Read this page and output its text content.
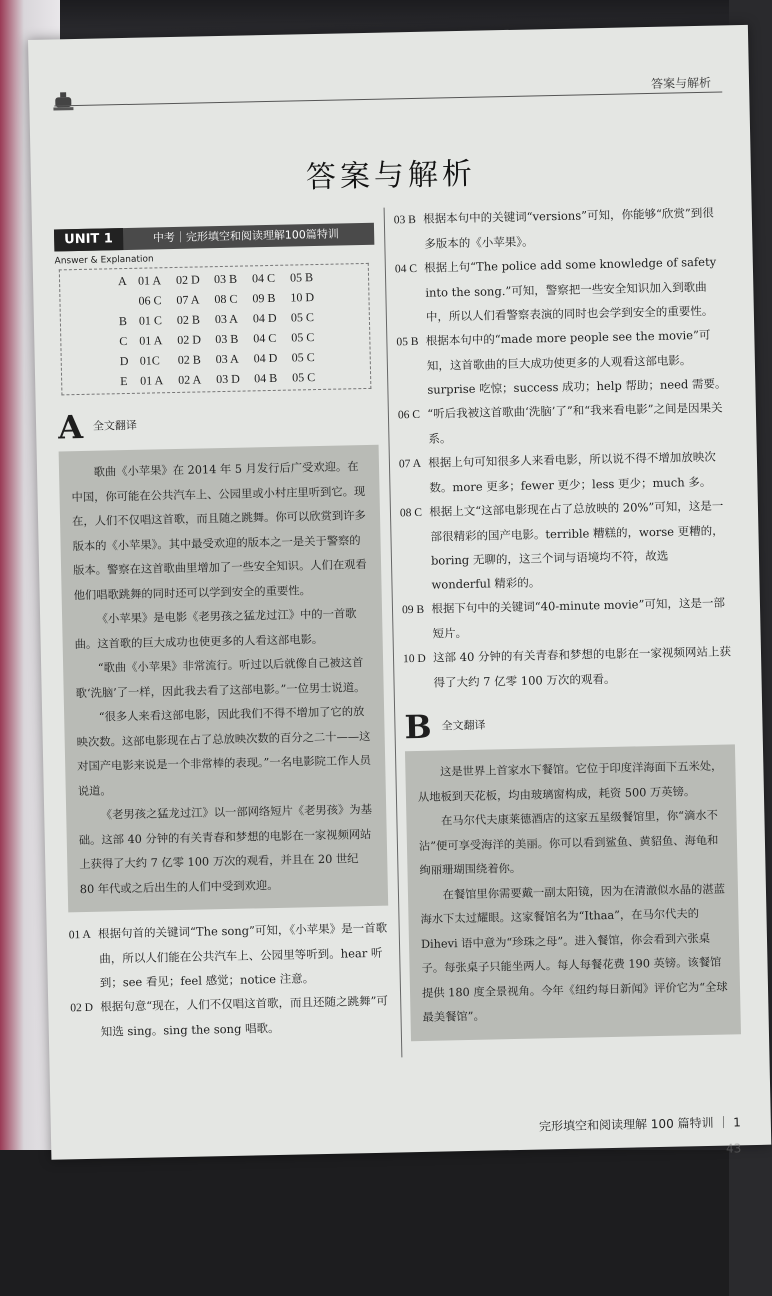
答案与解析
答案与解析
UNIT 1	中考｜完形填空和阅读理解100篇特训
Answer & Explanation
A 01 A	02 D	03 B	04 C	05 B
06 C	07 A	08 C	09 B	10 D
B 01 C	02 B	03 A	04 D	05 C
C 01 A	02 D	03 B	04 C	05 C
D 01C	02 B	03 A	04 D	05 C
E	01 A	02 A	03 D	04 B	05 C
A 全文翻译

歌曲《小苹果》在 2014 年 5 月发行后广受欢迎。在中国，你可能在公共汽车上、公园里或小村庄里听到它。现在，人们不仅唱这首歌，而且随之跳舞。你可以欣赏到许多版本的《小苹果》。其中最受欢迎的版本之一是关于警察的版本。警察在这首歌曲里增加了一些安全知识。人们在观看他们唱歌跳舞的同时还可以学到安全的重要性。

《小苹果》是电影《老男孩之猛龙过江》中的一首歌曲。这首歌的巨大成功也使更多的人看这部电影。

“歌曲《小苹果》非常流行。听过以后就像自己被这首歌‘洗脑’了一样，因此我去看了这部电影。”一位男士说道。

“很多人来看这部电影，因此我们不得不增加了它的放映次数。这部电影现在占了总放映次数的百分之二十——这对国产电影来说是一个非常棒的表现。”一名电影院工作人员说道。

《老男孩之猛龙过江》以一部网络短片《老男孩》为基础。这部 40 分钟的有关青春和梦想的电影在一家视频网站上获得了大约 7 亿零 100 万次的观看，并且在 20 世纪 80 年代或之后出生的人们中受到欢迎。

01 A 根据句首的关键词“The song”可知，《小苹果》是一首歌曲，所以人们能在公共汽车上、公园里等听到。hear 听到；see 看见；feel 感觉；notice 注意。

02 D 根据句意“现在，人们不仅唱这首歌，而且还随之跳舞”可知选 sing。sing the song 唱歌。

03 B 根据本句中的关键词“versions”可知，你能够“欣赏”到很多版本的《小苹果》。

04 C 根据上句“The police add some knowledge of safety into the song.”可知，警察把一些安全知识加入到歌曲中，所以人们看警察表演的同时也会学到安全的重要性。

05 B 根据本句中的“made more people see the movie”可知，这首歌曲的巨大成功使更多的人观看这部电影。surprise 吃惊；success 成功；help 帮助；need 需要。

06 C “听后我被这首歌曲‘洗脑’了”和“我来看电影”之间是因果关系。

07 A 根据上句可知很多人来看电影，所以说不得不增加放映次数。more 更多；fewer 更少；less 更少；much 多。

08 C 根据上文“这部电影现在占了总放映的 20%”可知，这是一部很精彩的国产电影。terrible 糟糕的，worse 更糟的，boring 无聊的，这三个词与语境均不符，故选 wonderful 精彩的。

09 B 根据下句中的关键词“40-minute movie”可知，这是一部短片。

10 D 这部 40 分钟的有关青春和梦想的电影在一家视频网站上获得了大约 7 亿零 100 万次的观看。

B 全文翻译

这是世界上首家水下餐馆。它位于印度洋海面下五米处，从地板到天花板，均由玻璃窗构成，耗资 500 万英镑。

在马尔代夫康莱德酒店的这家五星级餐馆里，你“滴水不沾”便可享受海洋的美丽。你可以看到鲨鱼、黄貂鱼、海龟和绚丽珊瑚围绕着你。

在餐馆里你需要戴一副太阳镜，因为在清澈似水晶的湛蓝海水下太过耀眼。这家餐馆名为“Ithaa”，在马尔代夫的 Dihevi 语中意为“珍珠之母”。进入餐馆，你会看到六张桌子。每张桌子只能坐两人。每人每餐花费 190 英镑。该餐馆提供 180 度全景视角。今年《纽约每日新闻》评价它为“全球最美餐馆”。

完形填空和阅读理解 100 篇特训 ｜ 1
43
